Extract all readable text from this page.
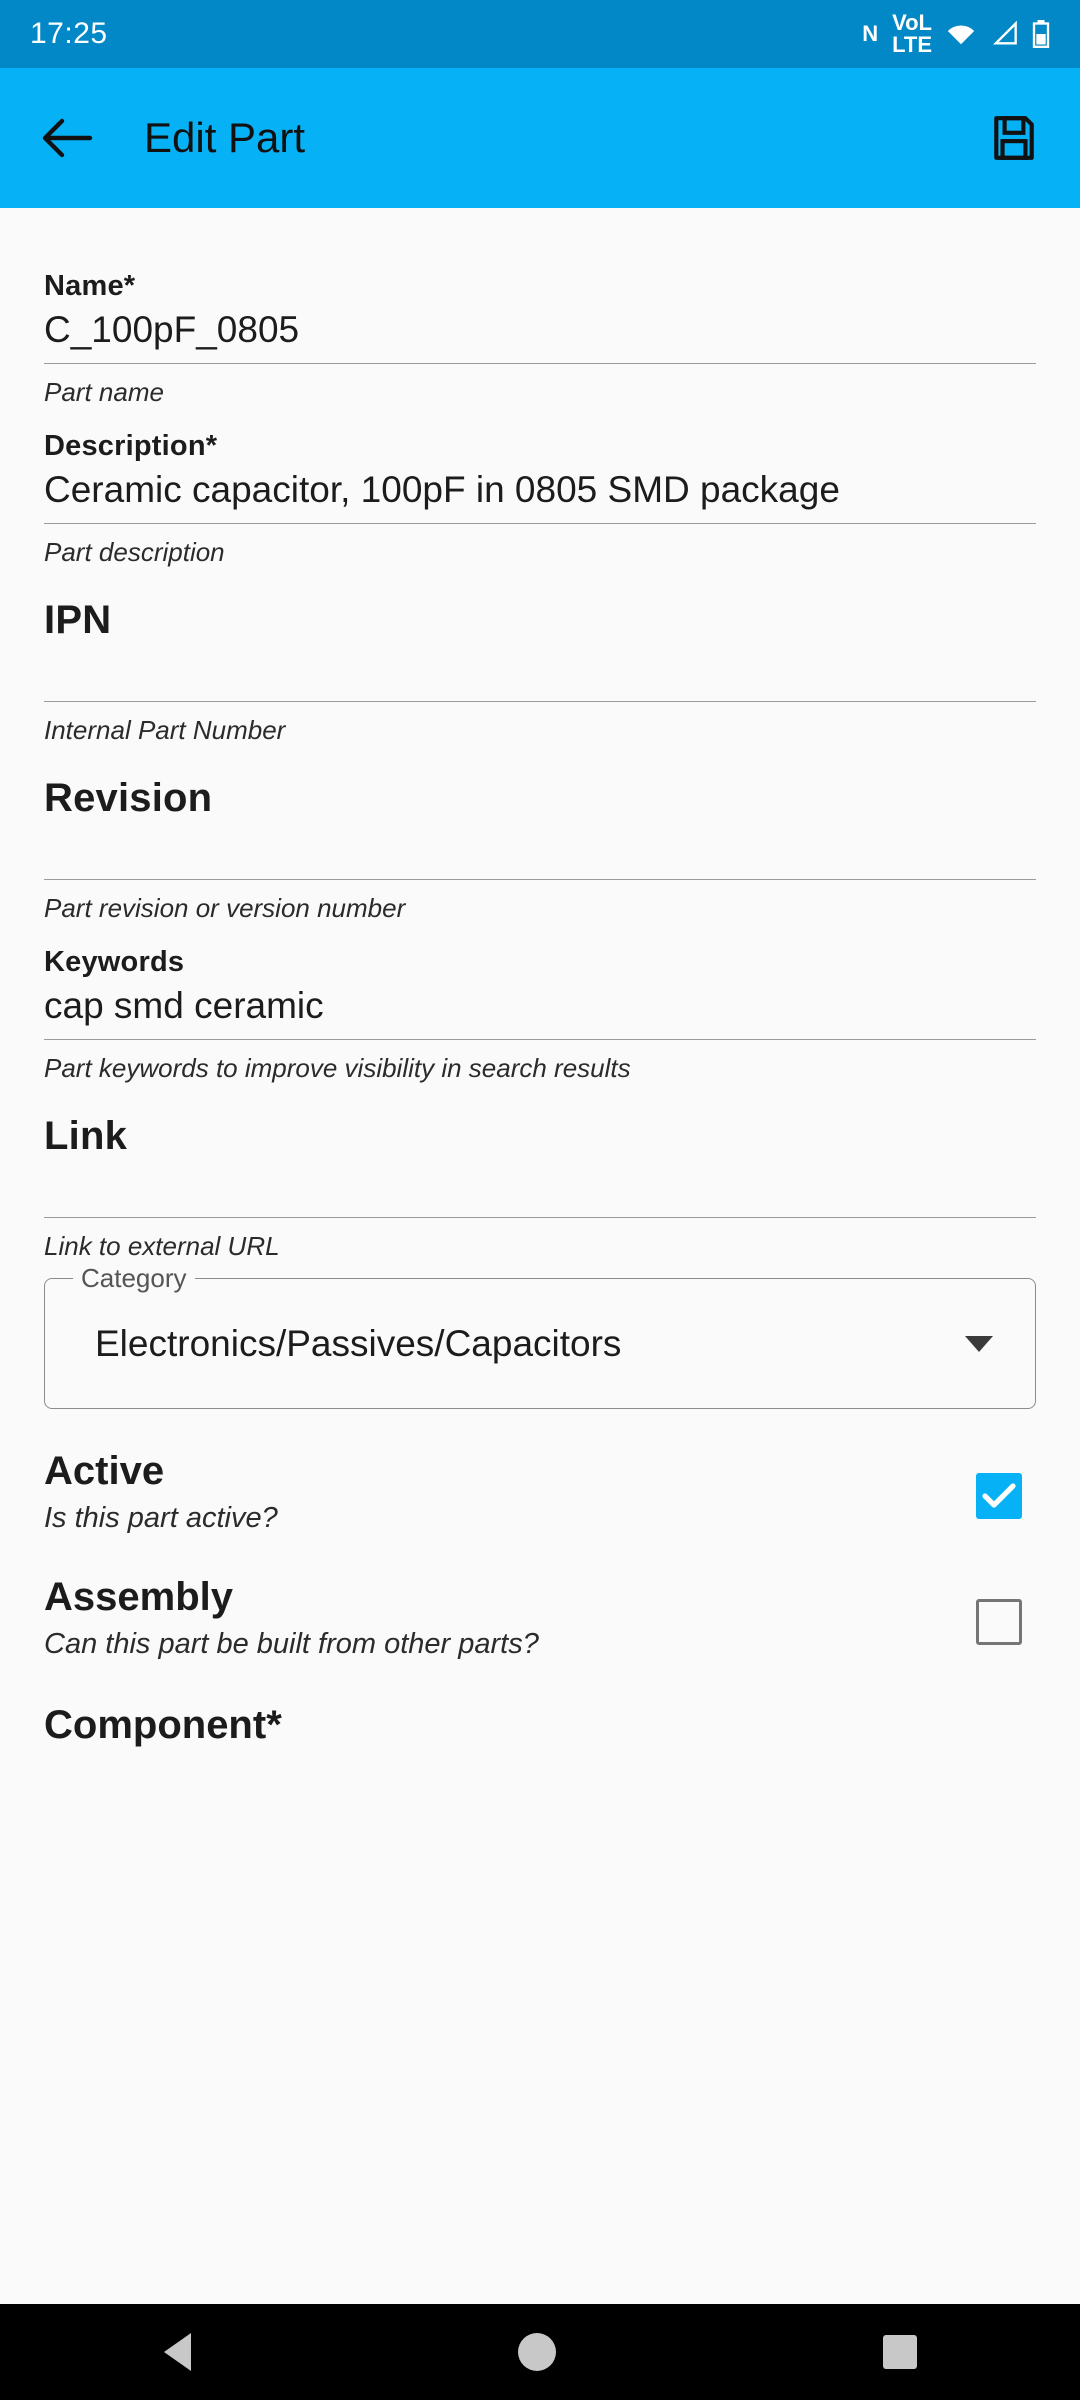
17:25	N VoL
LTE
Edit Part
Name*
C_100pF_0805
Part name
Description*
Ceramic capacitor, 100pF in 0805 SMD package
Part description
IPN
Internal Part Number
Revision
Part revision or version number
Keywords
cap smd ceramic
Part keywords to improve visibility in search results
Link
Link to external URL
Category
Electronics/Passives/Capacitors
Active
Is this part active?
Assembly
Can this part be built from other parts?
Component*
